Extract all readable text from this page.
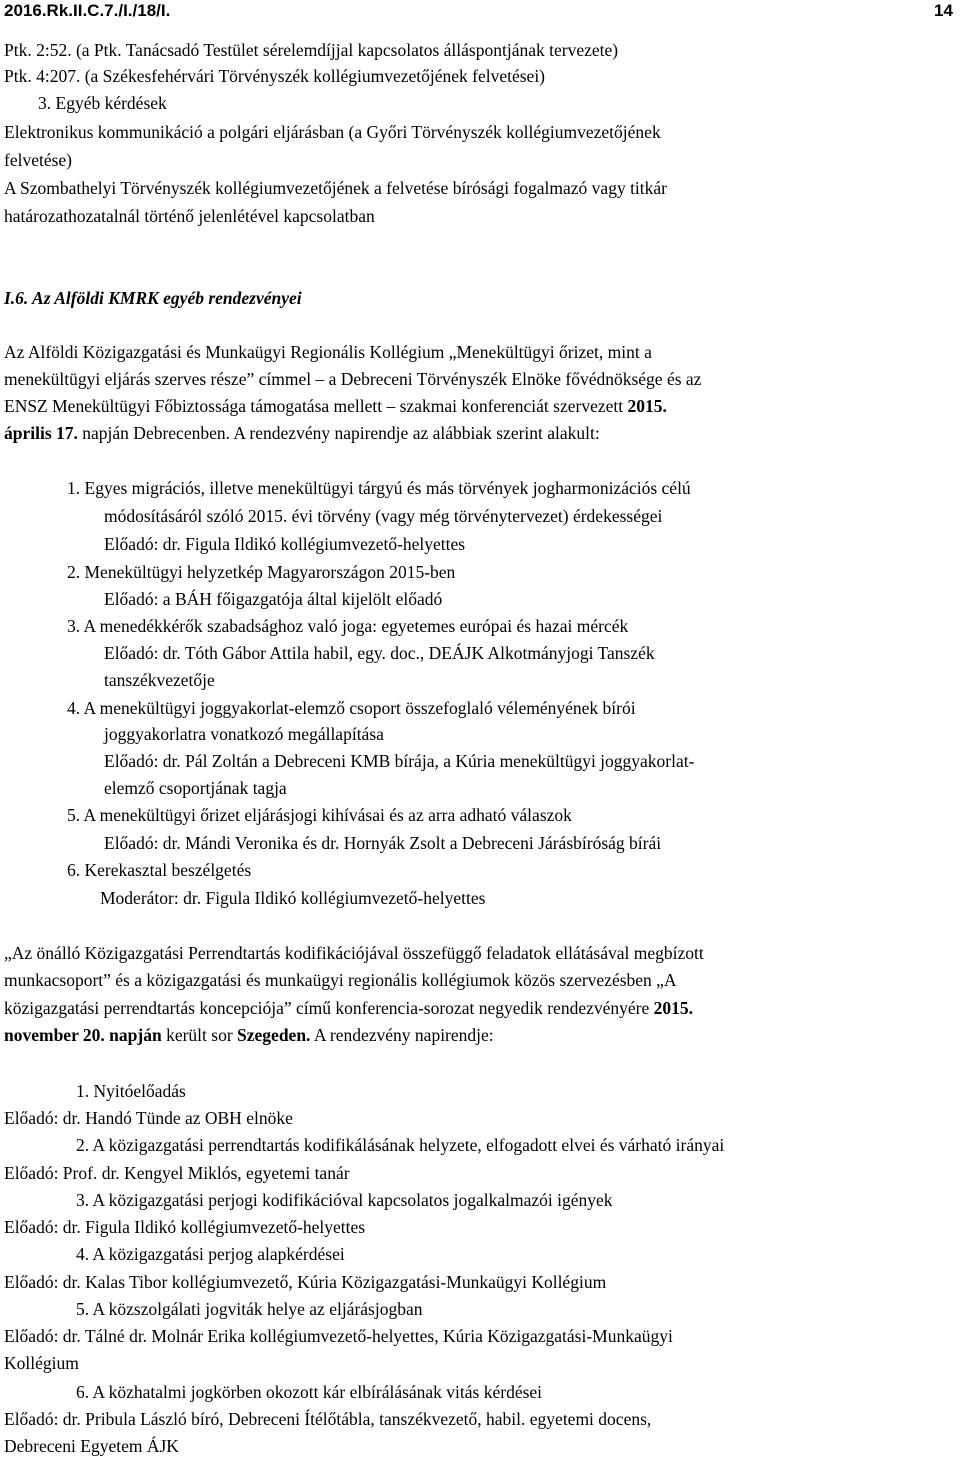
2016.Rk.II.C.7./I./18/I.	14
Ptk. 2:52. (a Ptk. Tanácsadó Testület sérelemdíjjal kapcsolatos álláspontjának tervezete)
Ptk. 4:207. (a Székesfehérvári Törvényszék kollégiumvezetőjének felvetései)
3. Egyéb kérdések
Elektronikus kommunikáció a polgári eljárásban (a Győri Törvényszék kollégiumvezetőjének
felvetése)
A Szombathelyi Törvényszék kollégiumvezetőjének a felvetése bírósági fogalmazó vagy titkár
határozathozatalnál történő jelenlétével kapcsolatban
I.6. Az Alföldi KMRK egyéb rendezvényei
Az Alföldi Közigazgatási és Munkaügyi Regionális Kollégium „Menekültügyi őrizet, mint a
menekültügyi eljárás szerves része” címmel – a Debreceni Törvényszék Elnöke fővédnöksége és az
ENSZ Menekültügyi Főbiztossága támogatása mellett – szakmai konferenciát szervezett 2015.
április 17. napján Debrecenben. A rendezvény napirendje az alábbiak szerint alakult:
1. Egyes migrációs, illetve menekültügyi tárgyú és más törvények jogharmonizációs célú
módosításáról szóló 2015. évi törvény (vagy még törvénytervezet) érdekességei
Előadó: dr. Figula Ildikó kollégiumvezető-helyettes
2. Menekültügyi helyzetkép Magyarországon 2015-ben
Előadó: a BÁH főigazgatója által kijelölt előadó
3. A menedékkérők szabadsághoz való joga: egyetemes európai és hazai mércék
Előadó: dr. Tóth Gábor Attila habil, egy. doc., DEÁJK Alkotmányjogi Tanszék
tanszékvezetője
4. A menekültügyi joggyakorlat-elemző csoport összefoglaló véleményének bírói
joggyakorlatra vonatkozó megállapítása
Előadó: dr. Pál Zoltán a Debreceni KMB bírája, a Kúria menekültügyi joggyakorlat-
elemző csoportjának tagja
5. A menekültügyi őrizet eljárásjogi kihívásai és az arra adható válaszok
Előadó: dr. Mándi Veronika és dr. Hornyák Zsolt a Debreceni Járásbíróság bírái
6. Kerekasztal beszélgetés
Moderátor: dr. Figula Ildikó kollégiumvezető-helyettes
„Az önálló Közigazgatási Perrendtartás kodifikációjával összefüggő feladatok ellátásával megbízott
munkacsoport” és a közigazgatási és munkaügyi regionális kollégiumok közös szervezésben „A
közigazgatási perrendtartás koncepciója” című konferencia-sorozat negyedik rendezvényére 2015.
november 20. napján került sor Szegeden. A rendezvény napirendje:
1. Nyitóelőadás
Előadó: dr. Handó Tünde az OBH elnöke
2. A közigazgatási perrendtartás kodifikálásának helyzete, elfogadott elvei és várható irányai
Előadó: Prof. dr. Kengyel Miklós, egyetemi tanár
3. A közigazgatási perjogi kodifikációval kapcsolatos jogalkalmazói igények
Előadó: dr. Figula Ildikó kollégiumvezető-helyettes
4. A közigazgatási perjog alapkérdései
Előadó: dr. Kalas Tibor kollégiumvezető, Kúria Közigazgatási-Munkaügyi Kollégium
5. A közszolgálati jogviták helye az eljárásjogban
Előadó: dr. Tálné dr. Molnár Erika kollégiumvezető-helyettes, Kúria Közigazgatási-Munkaügyi
Kollégium
6. A közhatalmi jogkörben okozott kár elbírálásának vitás kérdései
Előadó: dr. Pribula László bíró, Debreceni Ítélőtábla, tanszékvezető, habil. egyetemi docens,
Debreceni Egyetem ÁJK
